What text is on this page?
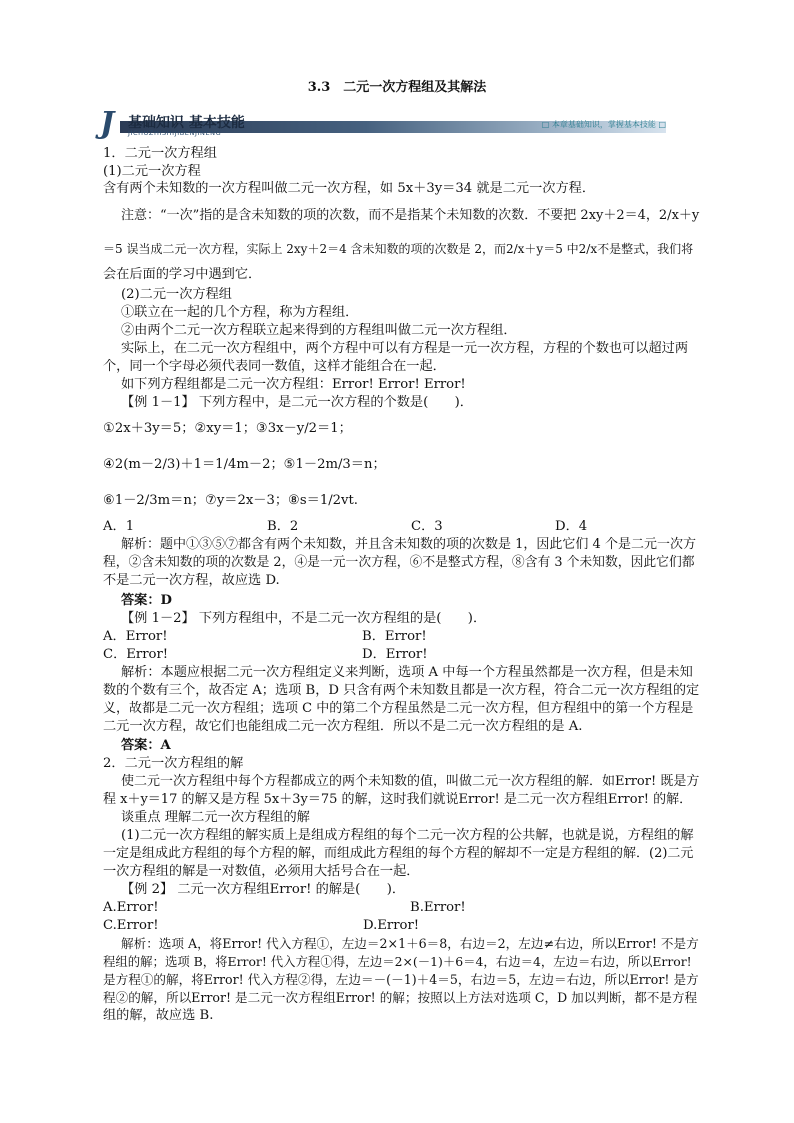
3.3　二元一次方程组及其解法
J 基础知识 基本技能
JICHUZHISHIJIBENJINENG
□ 本章基础知识，掌握基本技能 □
1．二元一次方程组
(1)二元一次方程
含有两个未知数的一次方程叫做二元一次方程，如 5x＋3y＝34 就是二元一次方程．
注意：“一次”指的是含未知数的项的次数，而不是指某个未知数的次数．不要把 2xy＋2＝4，2/x＋y
＝5 误当成二元一次方程，实际上 2xy＋2＝4 含未知数的项的次数是 2，而2/x＋y＝5 中2/x不是整式，我们将
会在后面的学习中遇到它．
(2)二元一次方程组
①联立在一起的几个方程，称为方程组．
②由两个二元一次方程联立起来得到的方程组叫做二元一次方程组．
实际上，在二元一次方程组中，两个方程中可以有方程是一元一次方程，方程的个数也可以超过两
个，同一个字母必须代表同一数值，这样才能组合在一起．
如下列方程组都是二元一次方程组：Error! Error! Error!
【例 1－1】 下列方程中，是二元一次方程的个数是(　　)．
①2x＋3y＝5；②xy＝1；③3x－y/2＝1；
④2(m－2/3)＋1＝1/4m－2；⑤1－2m/3＝n；
⑥1－2/3m＝n；⑦y＝2x－3；⑧s＝1/2vt.
A．1	B．2	C．3	D．4
解析：题中①③⑤⑦都含有两个未知数，并且含未知数的项的次数是 1，因此它们 4 个是二元一次方
程，②含未知数的项的次数是 2，④是一元一次方程，⑥不是整式方程，⑧含有 3 个未知数，因此它们都
不是二元一次方程，故应选 D.
答案：D
【例 1－2】 下列方程组中，不是二元一次方程组的是(　　)．
A．Error!	B．Error!
C．Error!	D．Error!
解析：本题应根据二元一次方程组定义来判断，选项 A 中每一个方程虽然都是一次方程，但是未知
数的个数有三个，故否定 A；选项 B，D 只含有两个未知数且都是一次方程，符合二元一次方程组的定
义，故都是二元一次方程组；选项 C 中的第二个方程虽然是二元一次方程，但方程组中的第一个方程是
二元一次方程，故它们也能组成二元一次方程组．所以不是二元一次方程组的是 A.
答案：A
2．二元一次方程组的解
使二元一次方程组中每个方程都成立的两个未知数的值，叫做二元一次方程组的解．如Error! 既是方
程 x＋y＝17 的解又是方程 5x＋3y＝75 的解，这时我们就说Error! 是二元一次方程组Error! 的解．
谈重点 理解二元一次方程组的解
(1)二元一次方程组的解实质上是组成方程组的每个二元一次方程的公共解，也就是说，方程组的解
一定是组成此方程组的每个方程的解，而组成此方程组的每个方程的解却不一定是方程组的解．(2)二元
一次方程组的解是一对数值，必须用大括号合在一起．
【例 2】 二元一次方程组Error! 的解是(　　)．
A.Error!	B.Error!
C.Error!	D.Error!
解析：选项 A，将Error! 代入方程①，左边＝2×1＋6＝8，右边＝2，左边≠右边，所以Error! 不是方
程组的解；选项 B，将Error! 代入方程①得，左边＝2×(－1)＋6＝4，右边＝4，左边＝右边，所以Error!
是方程①的解，将Error! 代入方程②得，左边＝－(－1)＋4＝5，右边＝5，左边＝右边，所以Error! 是方
程②的解，所以Error! 是二元一次方程组Error! 的解；按照以上方法对选项 C，D 加以判断，都不是方程
组的解，故应选 B.
